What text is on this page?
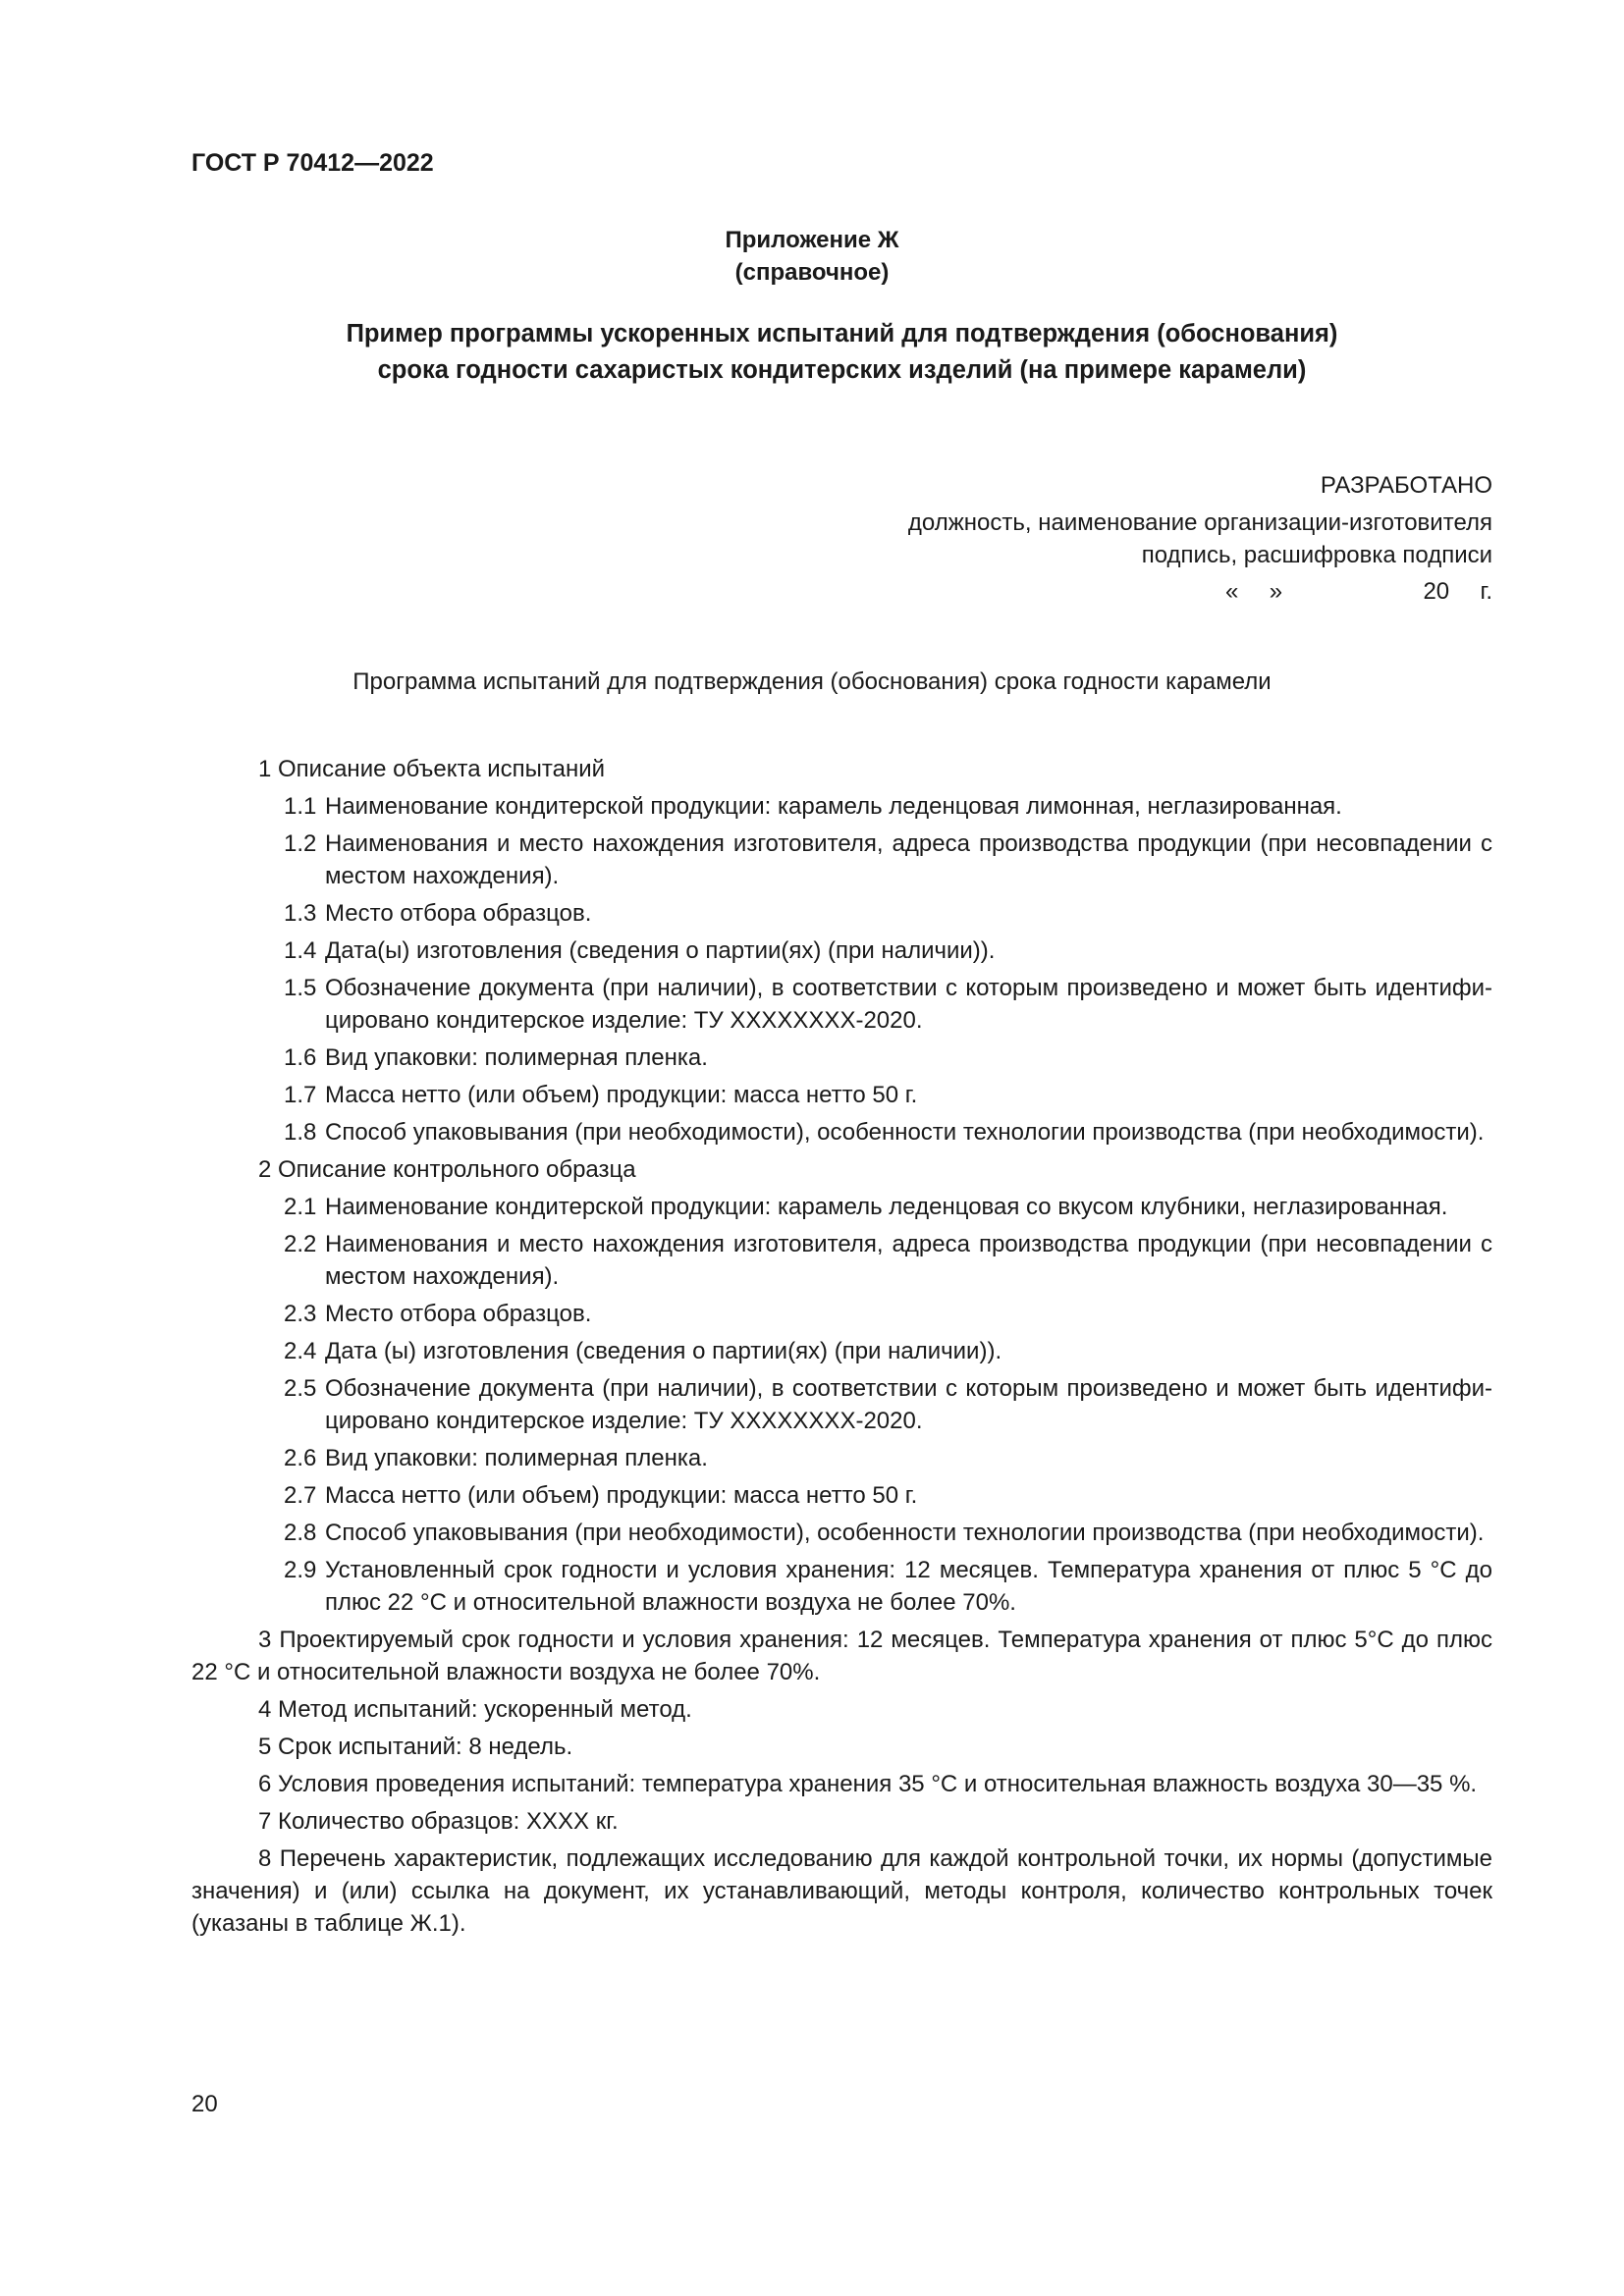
ГОСТ Р 70412—2022
Приложение Ж
(справочное)
Пример программы ускоренных испытаний для подтверждения (обоснования)
срока годности сахаристых кондитерских изделий (на примере карамели)
РАЗРАБОТАНО
должность, наименование организации-изготовителя
подпись, расшифровка подписи
« »	20 г.
Программа испытаний для подтверждения (обоснования) срока годности карамели
1 Описание объекта испытаний
1.1 Наименование кондитерской продукции: карамель леденцовая лимонная, неглазированная.
1.2 Наименования и место нахождения изготовителя, адреса производства продукции (при несовпадении с местом нахождения).
1.3 Место отбора образцов.
1.4 Дата(ы) изготовления (сведения о партии(ях) (при наличии)).
1.5 Обозначение документа (при наличии), в соответствии с которым произведено и может быть идентифицировано кондитерское изделие: ТУ XXXXXXXX-2020.
1.6 Вид упаковки: полимерная пленка.
1.7 Масса нетто (или объем) продукции: масса нетто 50 г.
1.8 Способ упаковывания (при необходимости), особенности технологии производства (при необходимости).
2 Описание контрольного образца
2.1 Наименование кондитерской продукции: карамель леденцовая со вкусом клубники, неглазированная.
2.2 Наименования и место нахождения изготовителя, адреса производства продукции (при несовпадении с местом нахождения).
2.3 Место отбора образцов.
2.4 Дата (ы) изготовления (сведения о партии(ях) (при наличии)).
2.5 Обозначение документа (при наличии), в соответствии с которым произведено и может быть идентифицировано кондитерское изделие: ТУ XXXXXXXX-2020.
2.6 Вид упаковки: полимерная пленка.
2.7 Масса нетто (или объем) продукции: масса нетто 50 г.
2.8 Способ упаковывания (при необходимости), особенности технологии производства (при необходимости).
2.9 Установленный срок годности и условия хранения: 12 месяцев. Температура хранения от плюс 5 °С до плюс 22 °С и относительной влажности воздуха не более 70%.
3 Проектируемый срок годности и условия хранения: 12 месяцев. Температура хранения от плюс 5°С до плюс 22 °С и относительной влажности воздуха не более 70%.
4 Метод испытаний: ускоренный метод.
5 Срок испытаний: 8 недель.
6 Условия проведения испытаний: температура хранения 35 °С и относительная влажность воздуха 30—35 %.
7 Количество образцов: XXXX кг.
8 Перечень характеристик, подлежащих исследованию для каждой контрольной точки, их нормы (допустимые значения) и (или) ссылка на документ, их устанавливающий, методы контроля, количество контрольных точек (указаны в таблице Ж.1).
20
